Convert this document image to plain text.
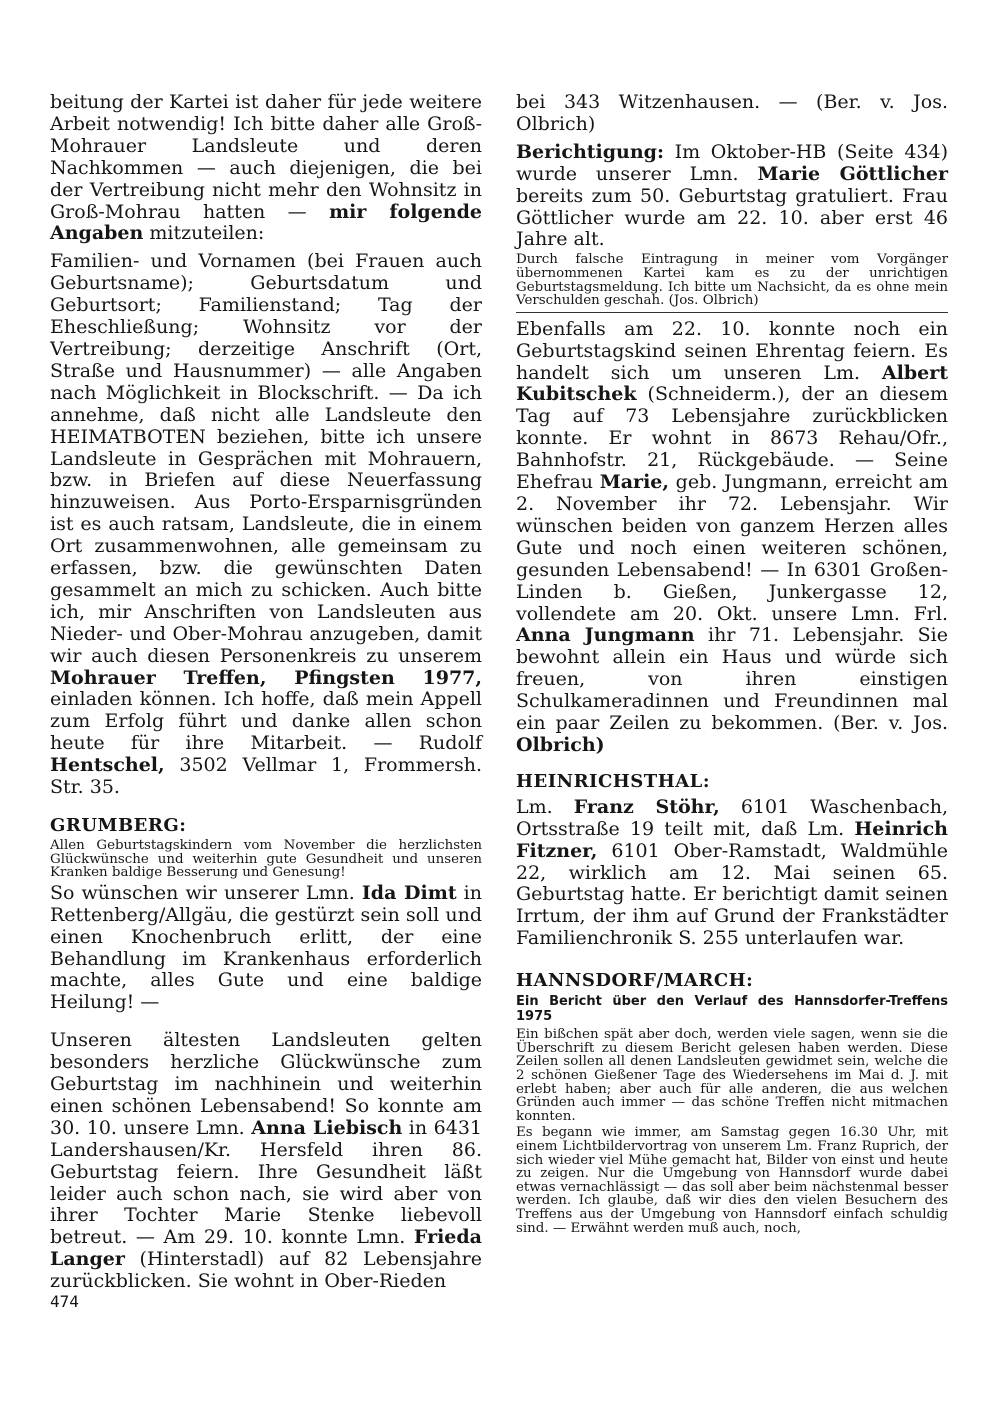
beitung der Kartei ist daher für jede weitere Arbeit notwendig! Ich bitte daher alle Groß-Mohrauer Landsleute und deren Nachkommen — auch diejenigen, die bei der Vertreibung nicht mehr den Wohnsitz in Groß-Mohrau hatten — mir folgende Angaben mitzuteilen:

Familien- und Vornamen (bei Frauen auch Geburtsname); Geburtsdatum und Geburtsort; Familienstand; Tag der Eheschließung; Wohnsitz vor der Vertreibung; derzeitige Anschrift (Ort, Straße und Hausnummer) — alle Angaben nach Möglichkeit in Blockschrift. — Da ich annehme, daß nicht alle Landsleute den HEIMATBOTEN beziehen, bitte ich unsere Landsleute in Gesprächen mit Mohrauern, bzw. in Briefen auf diese Neuerfassung hinzuweisen. Aus Porto-Ersparnisgründen ist es auch ratsam, Landsleute, die in einem Ort zusammenwohnen, alle gemeinsam zu erfassen, bzw. die gewünschten Daten gesammelt an mich zu schicken. Auch bitte ich, mir Anschriften von Landsleuten aus Nieder- und Ober-Mohrau anzugeben, damit wir auch diesen Personenkreis zu unserem Mohrauer Treffen, Pfingsten 1977, einladen können. Ich hoffe, daß mein Appell zum Erfolg führt und danke allen schon heute für ihre Mitarbeit. — Rudolf Hentschel, 3502 Vellmar 1, Frommersh. Str. 35.

GRUMBERG:

Allen Geburtstagskindern vom November die herzlichsten Glückwünsche und weiterhin gute Gesundheit und unseren Kranken baldige Besserung und Genesung!

So wünschen wir unserer Lmn. Ida Dimt in Rettenberg/Allgäu, die gestürzt sein soll und einen Knochenbruch erlitt, der eine Behandlung im Krankenhaus erforderlich machte, alles Gute und eine baldige Heilung! —

Unseren ältesten Landsleuten gelten besonders herzliche Glückwünsche zum Geburtstag im nachhinein und weiterhin einen schönen Lebensabend! So konnte am 30. 10. unsere Lmn. Anna Liebisch in 6431 Landershausen/Kr. Hersfeld ihren 86. Geburtstag feiern. Ihre Gesundheit läßt leider auch schon nach, sie wird aber von ihrer Tochter Marie Stenke liebevoll betreut. — Am 29. 10. konnte Lmn. Frieda Langer (Hinterstadl) auf 82 Lebensjahre zurückblicken. Sie wohnt in Ober-Rieden

bei 343 Witzenhausen. — (Ber. v. Jos. Olbrich)

Berichtigung: Im Oktober-HB (Seite 434) wurde unserer Lmn. Marie Göttlicher bereits zum 50. Geburtstag gratuliert. Frau Göttlicher wurde am 22. 10. aber erst 46 Jahre alt.

Durch falsche Eintragung in meiner vom Vorgänger übernommenen Kartei kam es zu der unrichtigen Geburtstagsmeldung. Ich bitte um Nachsicht, da es ohne mein Verschulden geschah. (Jos. Olbrich)

Ebenfalls am 22. 10. konnte noch ein Geburtstagskind seinen Ehrentag feiern. Es handelt sich um unseren Lm. Albert Kubitschek (Schneiderm.), der an diesem Tag auf 73 Lebensjahre zurückblicken konnte. Er wohnt in 8673 Rehau/Ofr., Bahnhofstr. 21, Rückgebäude. — Seine Ehefrau Marie, geb. Jungmann, erreicht am 2. November ihr 72. Lebensjahr. Wir wünschen beiden von ganzem Herzen alles Gute und noch einen weiteren schönen, gesunden Lebensabend! — In 6301 Großen-Linden b. Gießen, Junkergasse 12, vollendete am 20. Okt. unsere Lmn. Frl. Anna Jungmann ihr 71. Lebensjahr. Sie bewohnt allein ein Haus und würde sich freuen, von ihren einstigen Schulkameradinnen und Freundinnen mal ein paar Zeilen zu bekommen. (Ber. v. Jos. Olbrich)

HEINRICHSTHAL:

Lm. Franz Stöhr, 6101 Waschenbach, Ortsstraße 19 teilt mit, daß Lm. Heinrich Fitzner, 6101 Ober-Ramstadt, Waldmühle 22, wirklich am 12. Mai seinen 65. Geburtstag hatte. Er berichtigt damit seinen Irrtum, der ihm auf Grund der Frankstädter Familienchronik S. 255 unterlaufen war.

HANNSDORF/MARCH:

Ein Bericht über den Verlauf des Hannsdorfer-Treffens 1975

Ein bißchen spät aber doch, werden viele sagen, wenn sie die Überschrift zu diesem Bericht gelesen haben werden. Diese Zeilen sollen all denen Landsleuten gewidmet sein, welche die 2 schönen Gießener Tage des Wiedersehens im Mai d. J. mit erlebt haben; aber auch für alle anderen, die aus welchen Gründen auch immer — das schöne Treffen nicht mitmachen konnten.

Es begann wie immer, am Samstag gegen 16.30 Uhr, mit einem Lichtbildervortrag von unserem Lm. Franz Ruprich, der sich wieder viel Mühe gemacht hat, Bilder von einst und heute zu zeigen. Nur die Umgebung von Hannsdorf wurde dabei etwas vernachlässigt — das soll aber beim nächstenmal besser werden. Ich glaube, daß wir dies den vielen Besuchern des Treffens aus der Umgebung von Hannsdorf einfach schuldig sind. — Erwähnt werden muß auch, noch,

474
